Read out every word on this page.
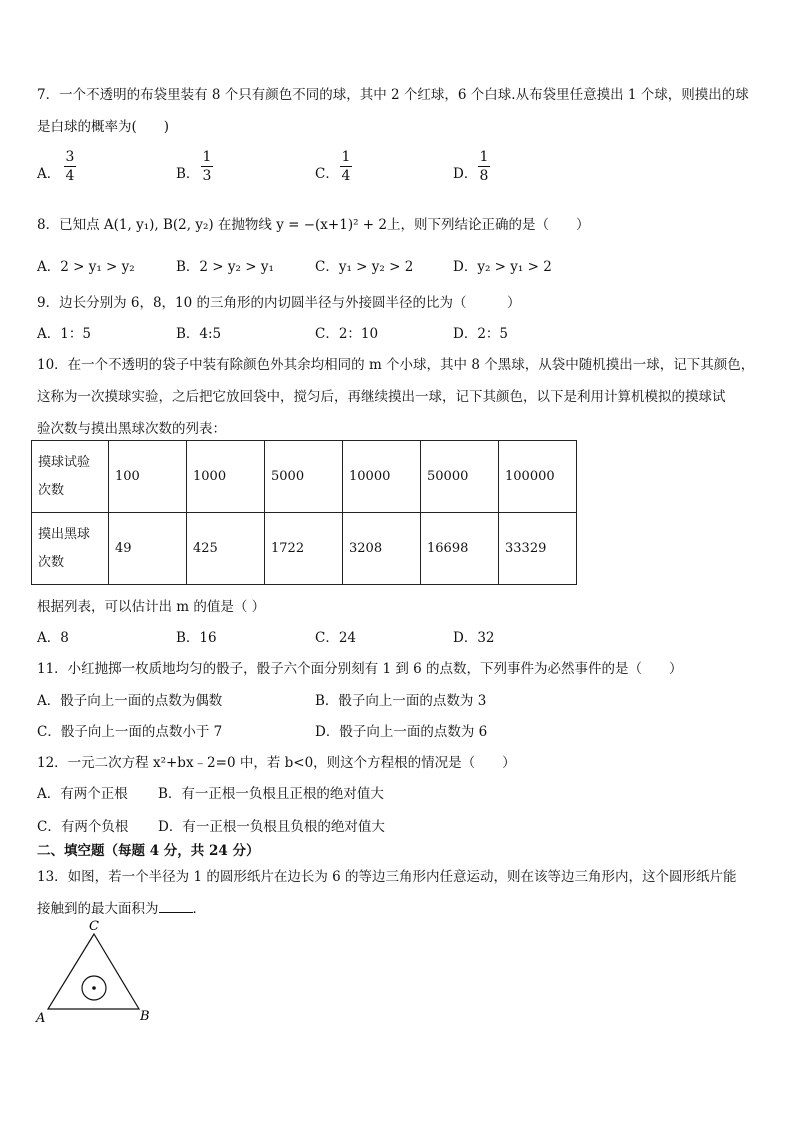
7．一个不透明的布袋里装有 8 个只有颜色不同的球，其中 2 个红球，6 个白球.从布袋里任意摸出 1 个球，则摸出的球
是白球的概率为(　　)
A．
3
4	B．
1
3	C．
1
4	D．
1
8
8．已知点 A(1, y₁), B(2, y₂) 在抛物线 y = −(x+1)² + 2上，则下列结论正确的是（　　）
A．2 > y₁ > y₂	B．2 > y₂ > y₁	C．y₁ > y₂ > 2	D．y₂ > y₁ > 2
9．边长分别为 6，8，10 的三角形的内切圆半径与外接圆半径的比为（　　　）
A．1：5	B．4:5	C．2：10	D．2：5
10．在一个不透明的袋子中装有除颜色外其余均相同的 m 个小球，其中 8 个黑球，从袋中随机摸出一球，记下其颜色，
这称为一次摸球实验，之后把它放回袋中，搅匀后，再继续摸出一球，记下其颜色，以下是利用计算机模拟的摸球试
验次数与摸出黑球次数的列表：
摸球试验
次数	100	1000	5000	10000	50000	100000
摸出黑球
次数	49	425	1722	3208	16698	33329
根据列表，可以估计出 m 的值是（ ）
A．8	B．16	C．24	D．32
11．小红抛掷一枚质地均匀的骰子，骰子六个面分别刻有 1 到 6 的点数，下列事件为必然事件的是（　　）
A．骰子向上一面的点数为偶数	B．骰子向上一面的点数为 3
C．骰子向上一面的点数小于 7	D．骰子向上一面的点数为 6
12．一元二次方程 x²+bx﹣2=0 中，若 b<0，则这个方程根的情况是（　　）
A．有两个正根 B．有一正根一负根且正根的绝对值大
C．有两个负根 D．有一正根一负根且负根的绝对值大
二、填空题（每题 4 分，共 24 分）
13．如图，若一个半径为 1 的圆形纸片在边长为 6 的等边三角形内任意运动，则在该等边三角形内，这个圆形纸片能
接触到的最大面积为	．
C
A	B
